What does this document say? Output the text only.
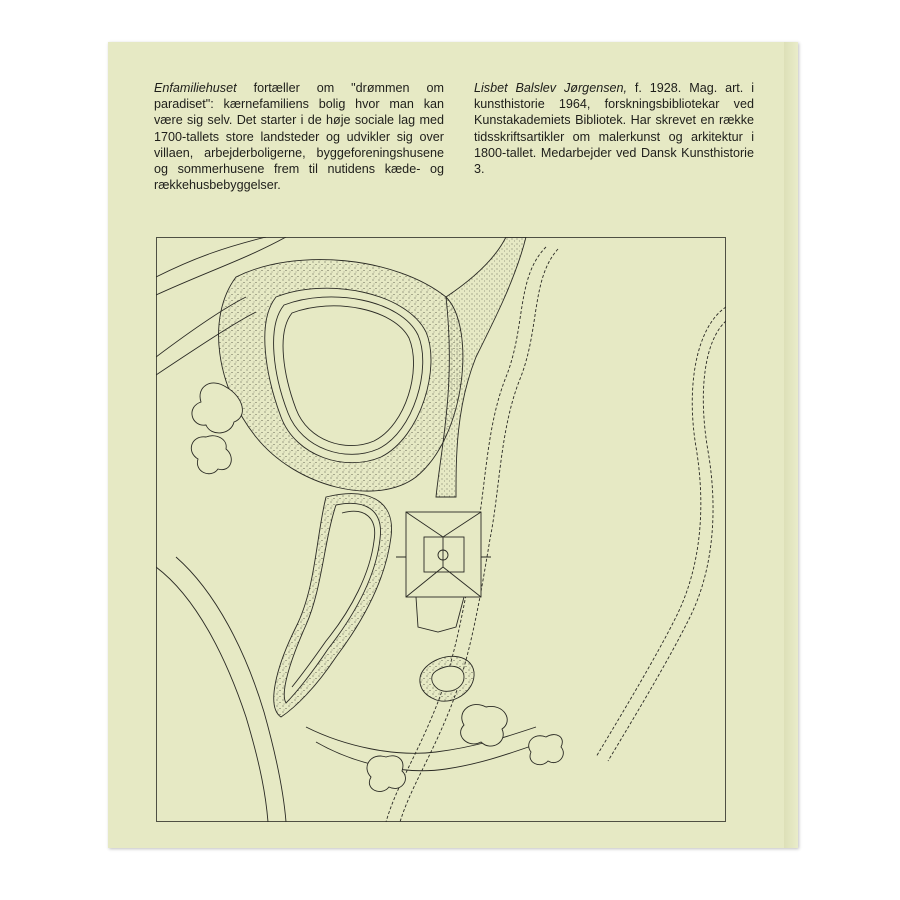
Enfamiliehuset fortæller om "drømmen om paradiset": kærnefamiliens bolig hvor man kan være sig selv. Det starter i de høje sociale lag med 1700-tallets store landsteder og udvikler sig over villaen, arbejderboligerne, byggeforeningshusene og sommerhusene frem til nutidens kæde- og rækkehusbebyggelser.

Lisbet Balslev Jørgensen, f. 1928. Mag. art. i kunsthistorie 1964, forskningsbibliotekar ved Kunstakademiets Bibliotek. Har skrevet en række tidsskriftsartikler om malerkunst og arkitektur i 1800-tallet. Medarbejder ved Dansk Kunsthistorie 3.
